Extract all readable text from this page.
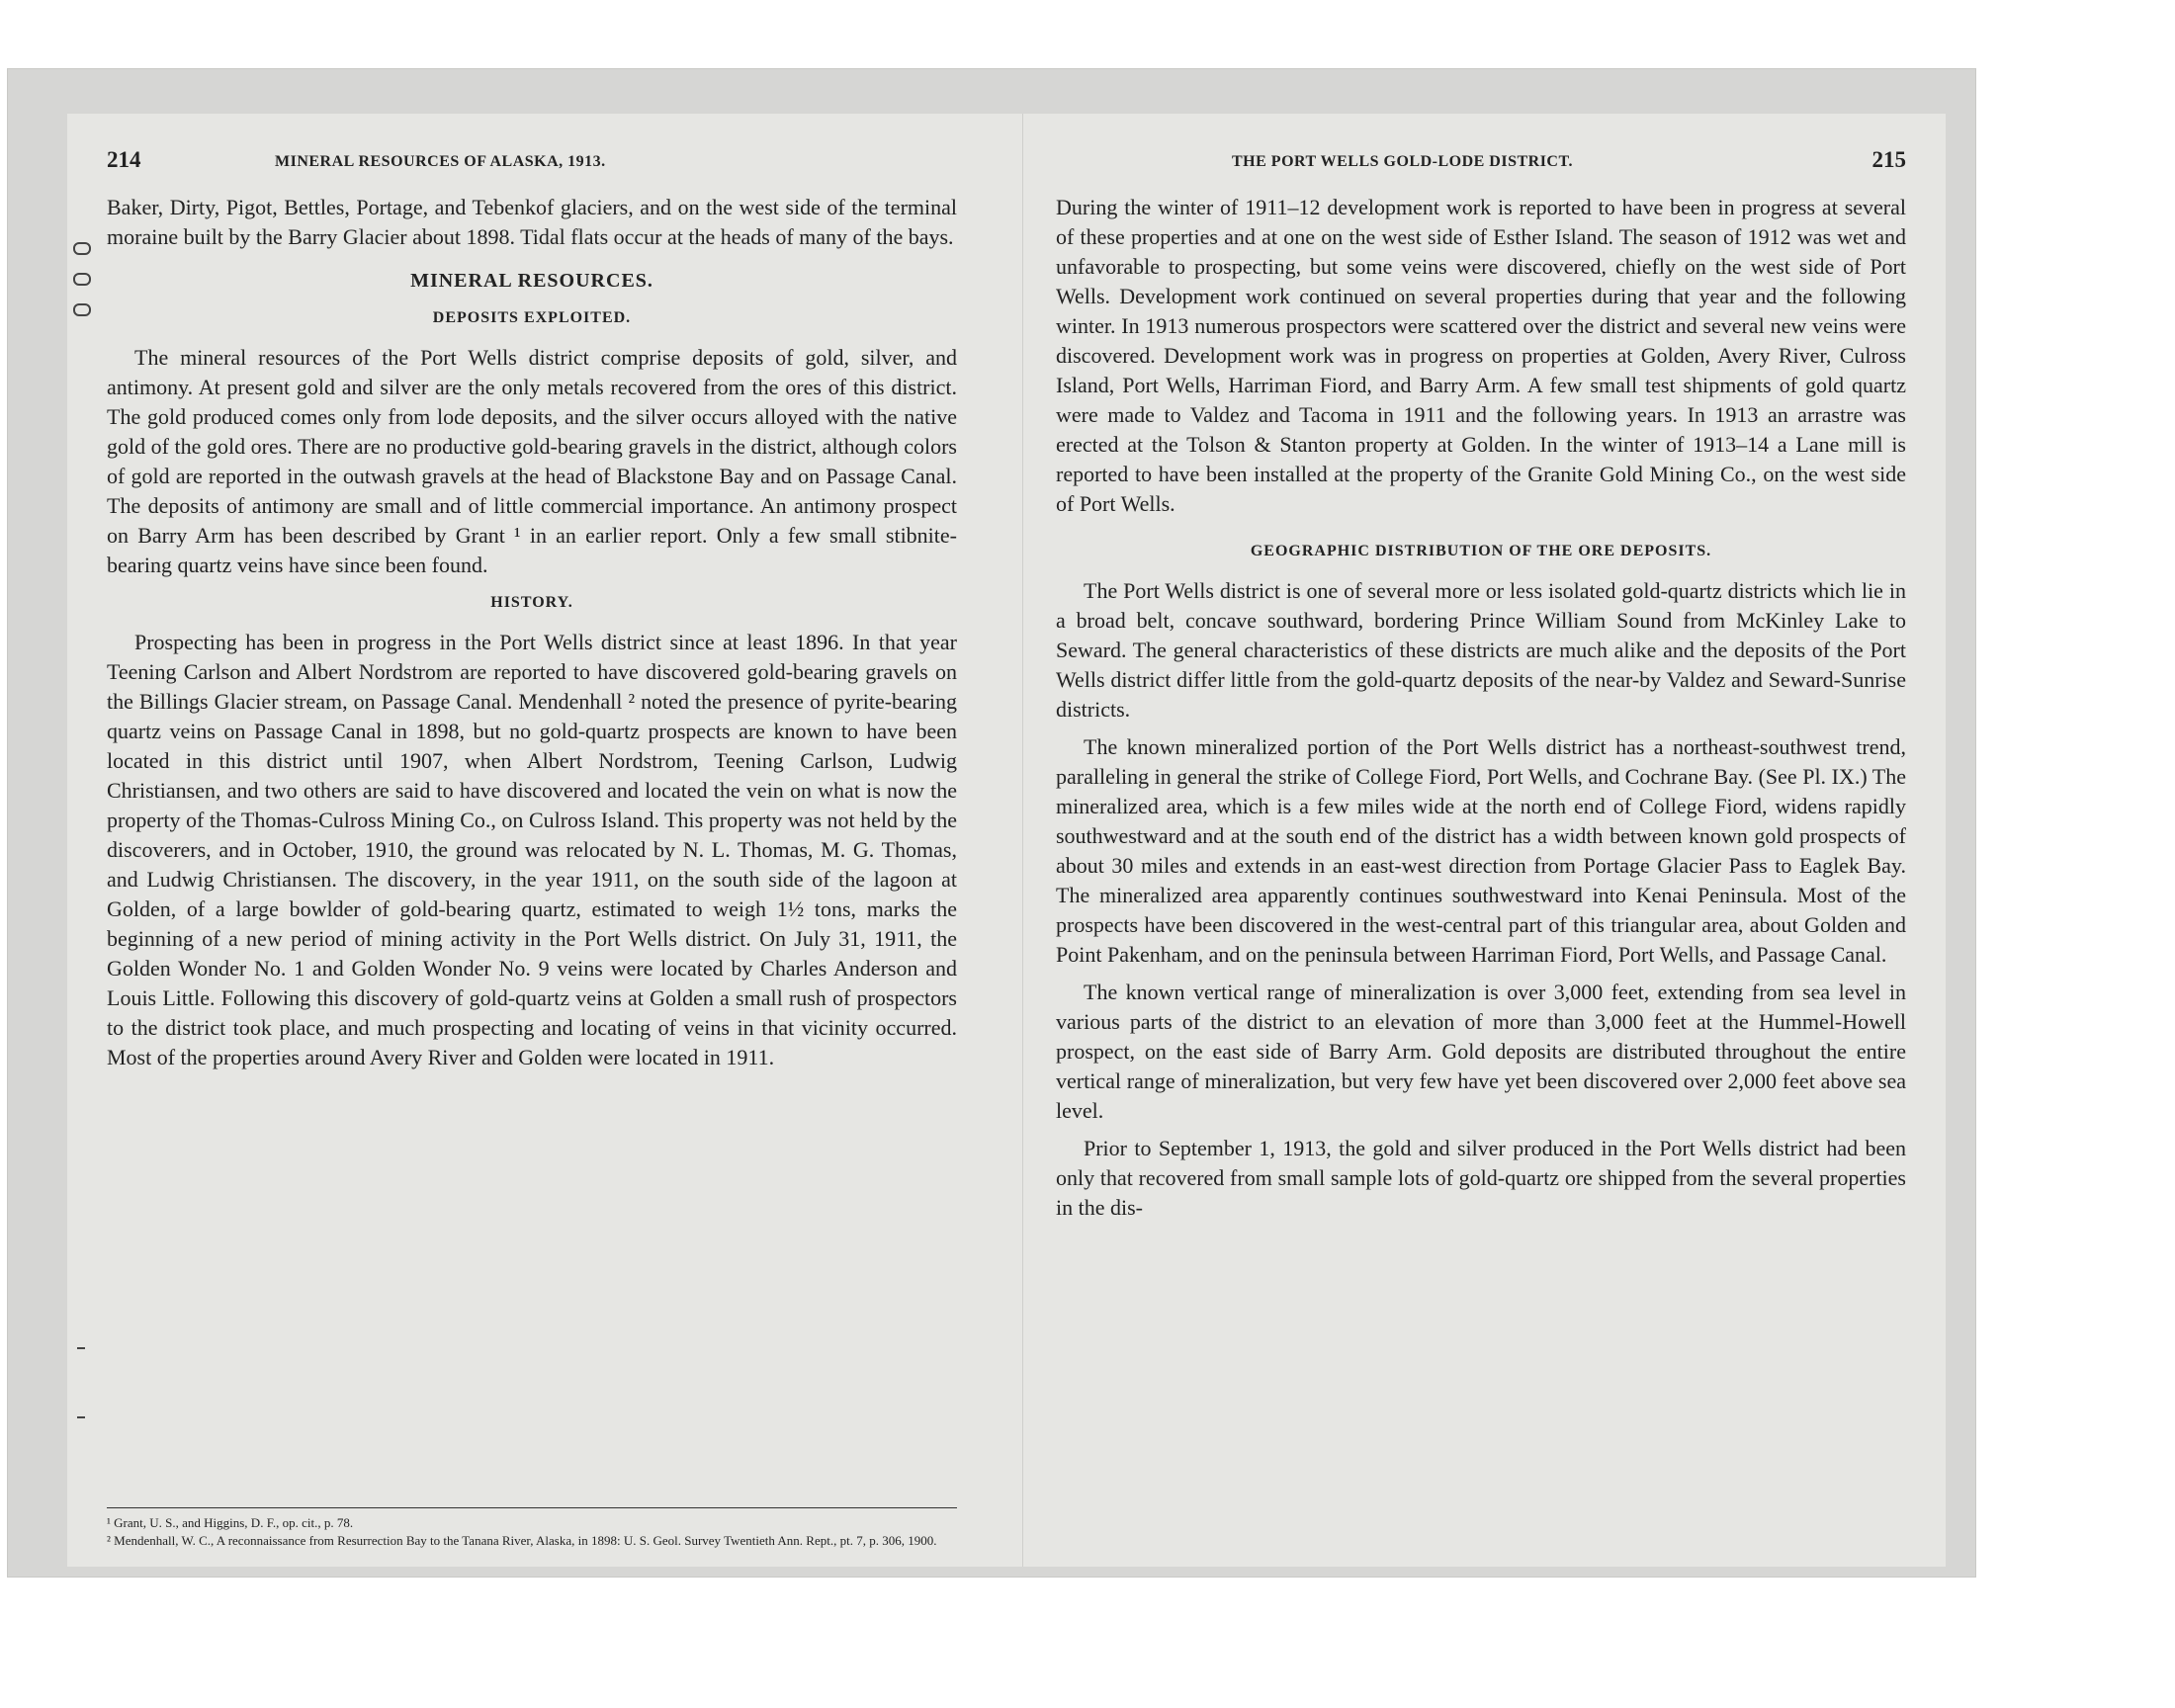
214	MINERAL RESOURCES OF ALASKA, 1913.

Baker, Dirty, Pigot, Bettles, Portage, and Tebenkof glaciers, and on the west side of the terminal moraine built by the Barry Glacier about 1898. Tidal flats occur at the heads of many of the bays.

MINERAL RESOURCES.
DEPOSITS EXPLOITED.

The mineral resources of the Port Wells district comprise deposits of gold, silver, and antimony. At present gold and silver are the only metals recovered from the ores of this district. The gold produced comes only from lode deposits, and the silver occurs alloyed with the native gold of the gold ores. There are no productive gold-bearing gravels in the district, although colors of gold are reported in the outwash gravels at the head of Blackstone Bay and on Passage Canal. The deposits of antimony are small and of little commercial importance. An antimony prospect on Barry Arm has been described by Grant ¹ in an earlier report. Only a few small stibnite-bearing quartz veins have since been found.

HISTORY.

Prospecting has been in progress in the Port Wells district since at least 1896. In that year Teening Carlson and Albert Nordstrom are reported to have discovered gold-bearing gravels on the Billings Glacier stream, on Passage Canal. Mendenhall ² noted the presence of pyrite-bearing quartz veins on Passage Canal in 1898, but no gold-quartz prospects are known to have been located in this district until 1907, when Albert Nordstrom, Teening Carlson, Ludwig Christiansen, and two others are said to have discovered and located the vein on what is now the property of the Thomas-Culross Mining Co., on Culross Island. This property was not held by the discoverers, and in October, 1910, the ground was relocated by N. L. Thomas, M. G. Thomas, and Ludwig Christiansen. The discovery, in the year 1911, on the south side of the lagoon at Golden, of a large bowlder of gold-bearing quartz, estimated to weigh 1½ tons, marks the beginning of a new period of mining activity in the Port Wells district. On July 31, 1911, the Golden Wonder No. 1 and Golden Wonder No. 9 veins were located by Charles Anderson and Louis Little. Following this discovery of gold-quartz veins at Golden a small rush of prospectors to the district took place, and much prospecting and locating of veins in that vicinity occurred. Most of the properties around Avery River and Golden were located in 1911.

¹ Grant, U. S., and Higgins, D. F., op. cit., p. 78.
² Mendenhall, W. C., A reconnaissance from Resurrection Bay to the Tanana River, Alaska, in 1898: U. S. Geol. Survey Twentieth Ann. Rept., pt. 7, p. 306, 1900.
THE PORT WELLS GOLD-LODE DISTRICT.	215

During the winter of 1911–12 development work is reported to have been in progress at several of these properties and at one on the west side of Esther Island. The season of 1912 was wet and unfavorable to prospecting, but some veins were discovered, chiefly on the west side of Port Wells. Development work continued on several properties during that year and the following winter. In 1913 numerous prospectors were scattered over the district and several new veins were discovered. Development work was in progress on properties at Golden, Avery River, Culross Island, Port Wells, Harriman Fiord, and Barry Arm. A few small test shipments of gold quartz were made to Valdez and Tacoma in 1911 and the following years. In 1913 an arrastre was erected at the Tolson & Stanton property at Golden. In the winter of 1913–14 a Lane mill is reported to have been installed at the property of the Granite Gold Mining Co., on the west side of Port Wells.

GEOGRAPHIC DISTRIBUTION OF THE ORE DEPOSITS.

The Port Wells district is one of several more or less isolated gold-quartz districts which lie in a broad belt, concave southward, bordering Prince William Sound from McKinley Lake to Seward. The general characteristics of these districts are much alike and the deposits of the Port Wells district differ little from the gold-quartz deposits of the near-by Valdez and Seward-Sunrise districts.

The known mineralized portion of the Port Wells district has a northeast-southwest trend, paralleling in general the strike of College Fiord, Port Wells, and Cochrane Bay. (See Pl. IX.) The mineralized area, which is a few miles wide at the north end of College Fiord, widens rapidly southwestward and at the south end of the district has a width between known gold prospects of about 30 miles and extends in an east-west direction from Portage Glacier Pass to Eaglek Bay. The mineralized area apparently continues southwestward into Kenai Peninsula. Most of the prospects have been discovered in the west-central part of this triangular area, about Golden and Point Pakenham, and on the peninsula between Harriman Fiord, Port Wells, and Passage Canal.

The known vertical range of mineralization is over 3,000 feet, extending from sea level in various parts of the district to an elevation of more than 3,000 feet at the Hummel-Howell prospect, on the east side of Barry Arm. Gold deposits are distributed throughout the entire vertical range of mineralization, but very few have yet been discovered over 2,000 feet above sea level.

Prior to September 1, 1913, the gold and silver produced in the Port Wells district had been only that recovered from small sample lots of gold-quartz ore shipped from the several properties in the dis-
